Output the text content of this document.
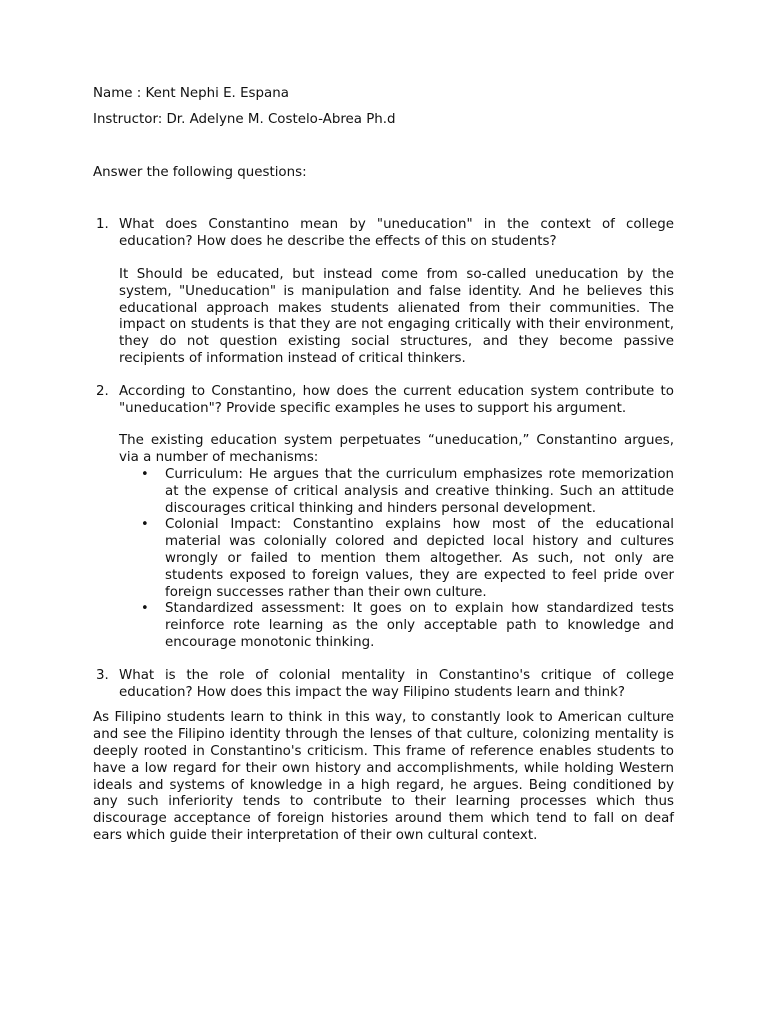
Name : Kent Nephi E. Espana

Instructor: Dr. Adelyne M. Costelo-Abrea Ph.d

Answer the following questions:

1. What does Constantino mean by "uneducation" in the context of college education? How does he describe the effects of this on students?

It Should be educated, but instead come from so-called uneducation by the system, "Uneducation" is manipulation and false identity. And he believes this educational approach makes students alienated from their communities. The impact on students is that they are not engaging critically with their environment, they do not question existing social structures, and they become passive recipients of information instead of critical thinkers.

2. According to Constantino, how does the current education system contribute to "uneducation"? Provide specific examples he uses to support his argument.

The existing education system perpetuates “uneducation,” Constantino argues, via a number of mechanisms:

• Curriculum: He argues that the curriculum emphasizes rote memorization at the expense of critical analysis and creative thinking. Such an attitude discourages critical thinking and hinders personal development.
• Colonial Impact: Constantino explains how most of the educational material was colonially colored and depicted local history and cultures wrongly or failed to mention them altogether. As such, not only are students exposed to foreign values, they are expected to feel pride over foreign successes rather than their own culture.
• Standardized assessment: It goes on to explain how standardized tests reinforce rote learning as the only acceptable path to knowledge and encourage monotonic thinking.
3. What is the role of colonial mentality in Constantino's critique of college education? How does this impact the way Filipino students learn and think?

As Filipino students learn to think in this way, to constantly look to American culture and see the Filipino identity through the lenses of that culture, colonizing mentality is deeply rooted in Constantino's criticism. This frame of reference enables students to have a low regard for their own history and accomplishments, while holding Western ideals and systems of knowledge in a high regard, he argues. Being conditioned by any such inferiority tends to contribute to their learning processes which thus discourage acceptance of foreign histories around them which tend to fall on deaf ears which guide their interpretation of their own cultural context.
